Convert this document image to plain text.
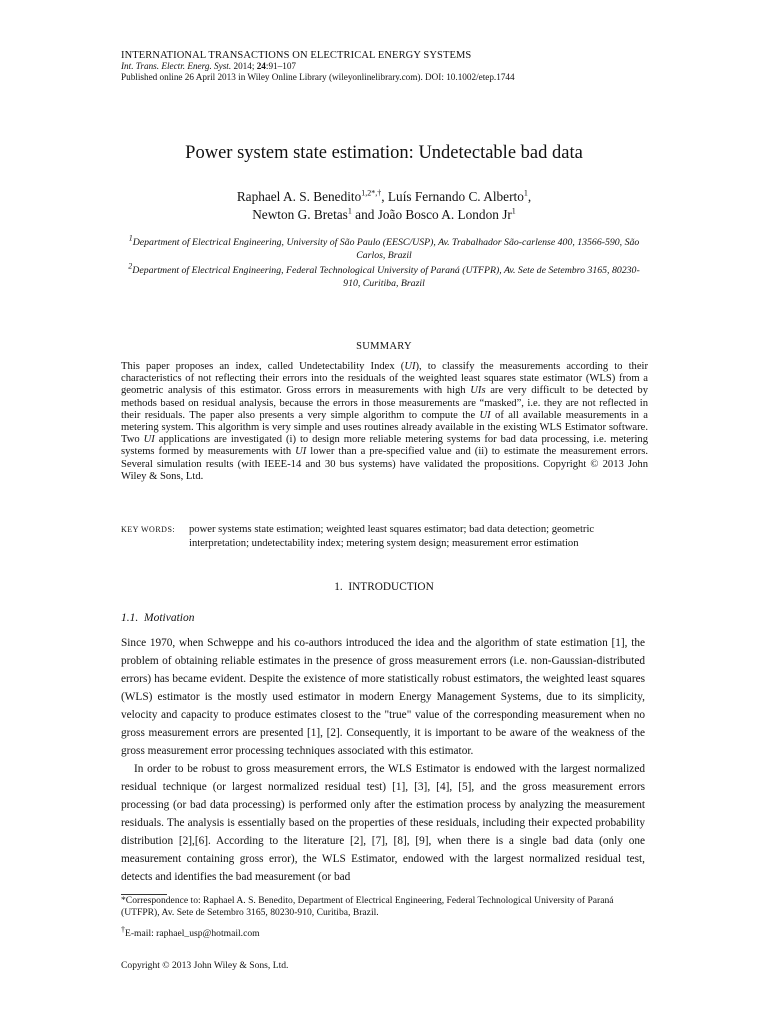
INTERNATIONAL TRANSACTIONS ON ELECTRICAL ENERGY SYSTEMS
Int. Trans. Electr. Energ. Syst. 2014; 24:91–107
Published online 26 April 2013 in Wiley Online Library (wileyonlinelibrary.com). DOI: 10.1002/etep.1744
Power system state estimation: Undetectable bad data
Raphael A. S. Benedito$^{1,2*,\dagger}$, Luís Fernando C. Alberto$^1$,
Newton G. Bretas$^1$ and João Bosco A. London Jr$^1$
$^1$Department of Electrical Engineering, University of São Paulo (EESC/USP), Av. Trabalhador São-carlense 400, 13566-590, São Carlos, Brazil
$^2$Department of Electrical Engineering, Federal Technological University of Paraná (UTFPR), Av. Sete de Setembro 3165, 80230-910, Curitiba, Brazil
SUMMARY
This paper proposes an index, called Undetectability Index (UI), to classify the measurements according to their characteristics of not reflecting their errors into the residuals of the weighted least squares state estimator (WLS) from a geometric analysis of this estimator. Gross errors in measurements with high UIs are very difficult to be detected by methods based on residual analysis, because the errors in those measurements are “masked”, i.e. they are not reflected in their residuals. The paper also presents a very simple algorithm to compute the UI of all available measurements in a metering system. This algorithm is very simple and uses routines already available in the existing WLS Estimator software. Two UI applications are investigated (i) to design more reliable metering systems for bad data processing, i.e. metering systems formed by measurements with UI lower than a pre-specified value and (ii) to estimate the measurement errors. Several simulation results (with IEEE-14 and 30 bus systems) have validated the propositions. Copyright © 2013 John Wiley & Sons, Ltd.
KEY WORDS: power systems state estimation; weighted least squares estimator; bad data detection; geometric interpretation; undetectability index; metering system design; measurement error estimation
1.  INTRODUCTION
1.1.  Motivation
Since 1970, when Schweppe and his co-authors introduced the idea and the algorithm of state estimation [1], the problem of obtaining reliable estimates in the presence of gross measurement errors (i.e. non-Gaussian-distributed errors) has became evident. Despite the existence of more statistically robust estimators, the weighted least squares (WLS) estimator is the mostly used estimator in modern Energy Management Systems, due to its simplicity, velocity and capacity to produce estimates closest to the "true" value of the corresponding measurement when no gross measurement errors are presented [1], [2]. Consequently, it is important to be aware of the weakness of the gross measurement error processing techniques associated with this estimator.
In order to be robust to gross measurement errors, the WLS Estimator is endowed with the largest normalized residual technique (or largest normalized residual test) [1], [3], [4], [5], and the gross measurement errors processing (or bad data processing) is performed only after the estimation process by analyzing the measurement residuals. The analysis is essentially based on the properties of these residuals, including their expected probability distribution [2],[6]. According to the literature [2], [7], [8], [9], when there is a single bad data (only one measurement containing gross error), the WLS Estimator, endowed with the largest normalized residual test, detects and identifies the bad measurement (or bad
*Correspondence to: Raphael A. S. Benedito, Department of Electrical Engineering, Federal Technological University of Paraná (UTFPR), Av. Sete de Setembro 3165, 80230-910, Curitiba, Brazil.
†E-mail: raphael_usp@hotmail.com
Copyright © 2013 John Wiley & Sons, Ltd.
